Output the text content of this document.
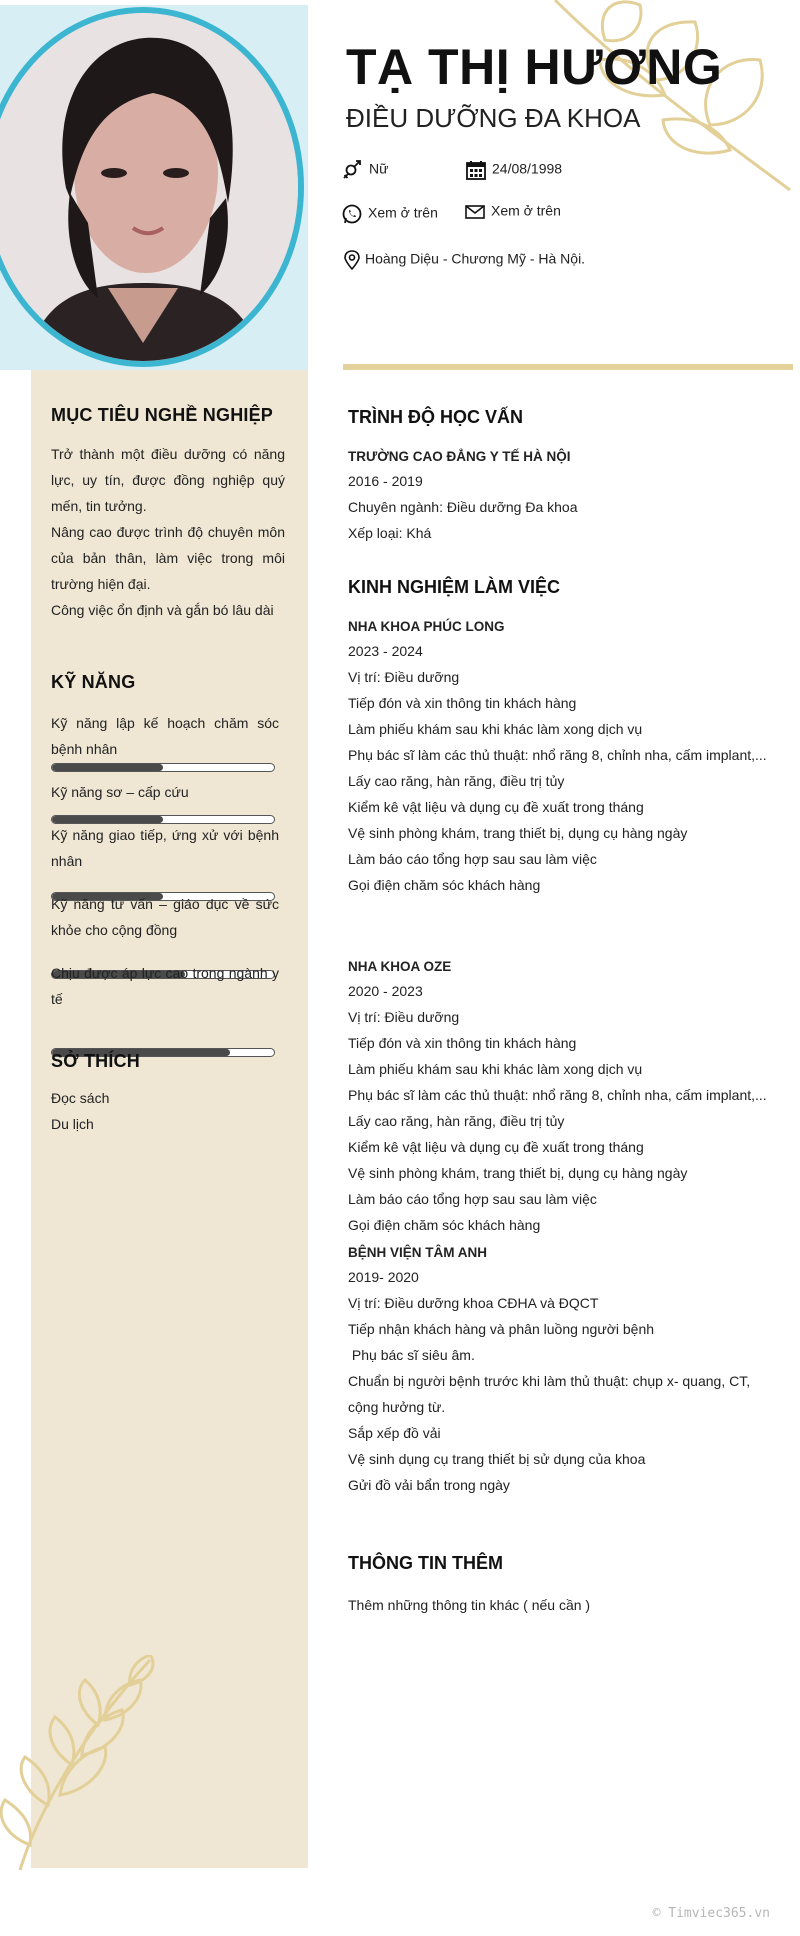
MỤC TIÊU NGHỀ NGHIỆP
Trở thành một điều dưỡng có năng lực, uy tín, được đồng nghiệp quý mến, tin tưởng.
Nâng cao được trình độ chuyên môn của bản thân, làm việc trong môi trường hiện đại.
Công việc ổn định và gắn bó lâu dài
KỸ NĂNG
Kỹ năng lập kế hoạch chăm sóc bệnh nhân
Kỹ năng sơ – cấp cứu
Kỹ năng giao tiếp, ứng xử với bệnh nhân
Kỹ năng tư vấn – giáo dục về sức khỏe cho cộng đồng
Chịu được áp lực cao trong ngành y tế
SỞ THÍCH
Đọc sách
Du lịch
TẠ THỊ HƯƠNG
ĐIỀU DƯỠNG ĐA KHOA
Nữ	24/08/1998
Xem ở trên	Xem ở trên
Hoàng Diệu - Chương Mỹ - Hà Nội.
TRÌNH ĐỘ HỌC VẤN
TRƯỜNG CAO ĐẲNG Y TẾ HÀ NỘI
2016 - 2019
Chuyên ngành: Điều dưỡng Đa khoa
Xếp loại: Khá
KINH NGHIỆM LÀM VIỆC
NHA KHOA PHÚC LONG
2023 - 2024
Vị trí: Điều dưỡng
Tiếp đón và xin thông tin khách hàng
Làm phiếu khám sau khi khác làm xong dịch vụ
Phụ bác sĩ làm các thủ thuật: nhổ răng 8, chỉnh nha, cấm implant,...
Lấy cao răng, hàn răng, điều trị tủy
Kiểm kê vật liệu và dụng cụ đề xuất trong tháng
Vệ sinh phòng khám, trang thiết bị, dụng cụ hàng ngày
Làm báo cáo tổng hợp sau sau làm việc
Gọi điện chăm sóc khách hàng
NHA KHOA OZE
2020 - 2023
Vị trí: Điều dưỡng
Tiếp đón và xin thông tin khách hàng
Làm phiếu khám sau khi khác làm xong dịch vụ
Phụ bác sĩ làm các thủ thuật: nhổ răng 8, chỉnh nha, cấm implant,...
Lấy cao răng, hàn răng, điều trị tủy
Kiểm kê vật liệu và dụng cụ đề xuất trong tháng
Vệ sinh phòng khám, trang thiết bị, dụng cụ hàng ngày
Làm báo cáo tổng hợp sau sau làm việc
Gọi điện chăm sóc khách hàng
BỆNH VIỆN TÂM ANH
2019- 2020
Vị trí: Điều dưỡng khoa CĐHA và ĐQCT
Tiếp nhận khách hàng và phân luồng người bệnh
Phụ bác sĩ siêu âm.
Chuẩn bị người bệnh trước khi làm thủ thuật: chụp x- quang, CT,
cộng hưởng từ.
Sắp xếp đồ vải
Vệ sinh dụng cụ trang thiết bị sử dụng của khoa
Gửi đồ vải bẩn trong ngày
THÔNG TIN THÊM
Thêm những thông tin khác ( nếu cần )
© Timviec365.vn
